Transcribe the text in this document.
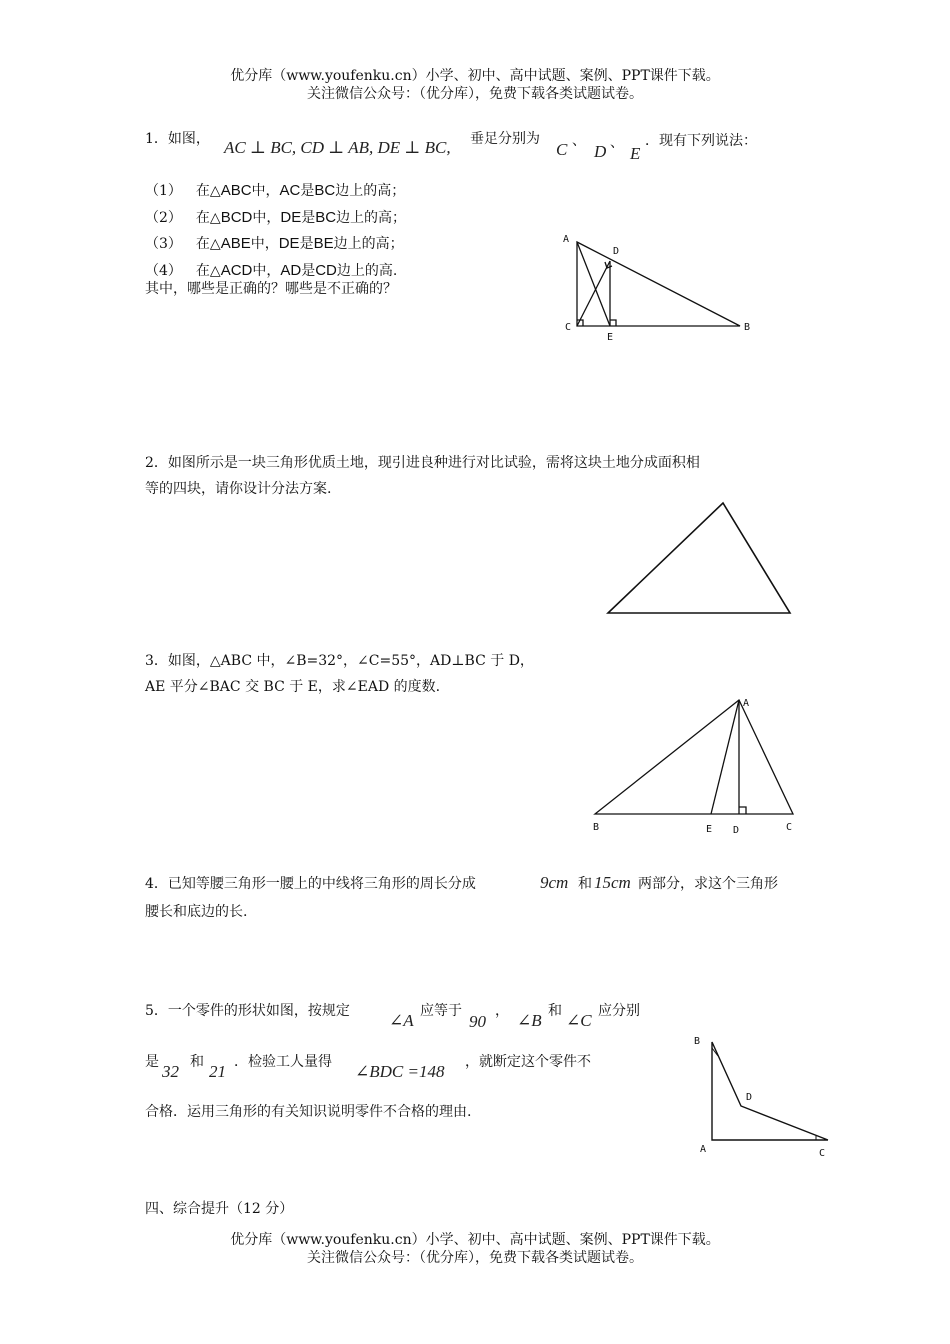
优分库（www.youfenku.cn）小学、初中、高中试题、案例、PPT课件下载。
关注微信公众号：（优分库），免费下载各类试题试卷。
1．如图， AC ⊥ BC, CD ⊥ AB, DE ⊥ BC, 垂足分别为
C 、
D 、
E
．现有下列说法：
（1） 在△ABC中，AC是BC边上的高；
（2） 在△BCD中，DE是BC边上的高；
（3） 在△ABE中，DE是BE边上的高；
（4） 在△ACD中，AD是CD边上的高.
其中，哪些是正确的？哪些是不正确的？
A
D
C
E
B
2．如图所示是一块三角形优质土地，现引进良种进行对比试验，需将这块土地分成面积相
等的四块，请你设计分法方案.
3．如图，△ABC 中，∠B=32°，∠C=55°，AD⊥BC 于 D，
AE 平分∠BAC 交 BC 于 E，求∠EAD 的度数.
A
B	E D	C
4．已知等腰三角形一腰上的中线将三角形的周长分成	9cm 和 15cm 两部分，求这个三角形
腰长和底边的长.
5．一个零件的形状如图，按规定 ∠A 应等于
90
， ∠B 和 ∠C 应分别
是 32 和 21 ．检验工人量得 ∠BDC =148 ，就断定这个零件不
合格．运用三角形的有关知识说明零件不合格的理由.
B
D
A	C
四、综合提升（12 分）
优分库（www.youfenku.cn）小学、初中、高中试题、案例、PPT课件下载。
关注微信公众号：（优分库），免费下载各类试题试卷。
